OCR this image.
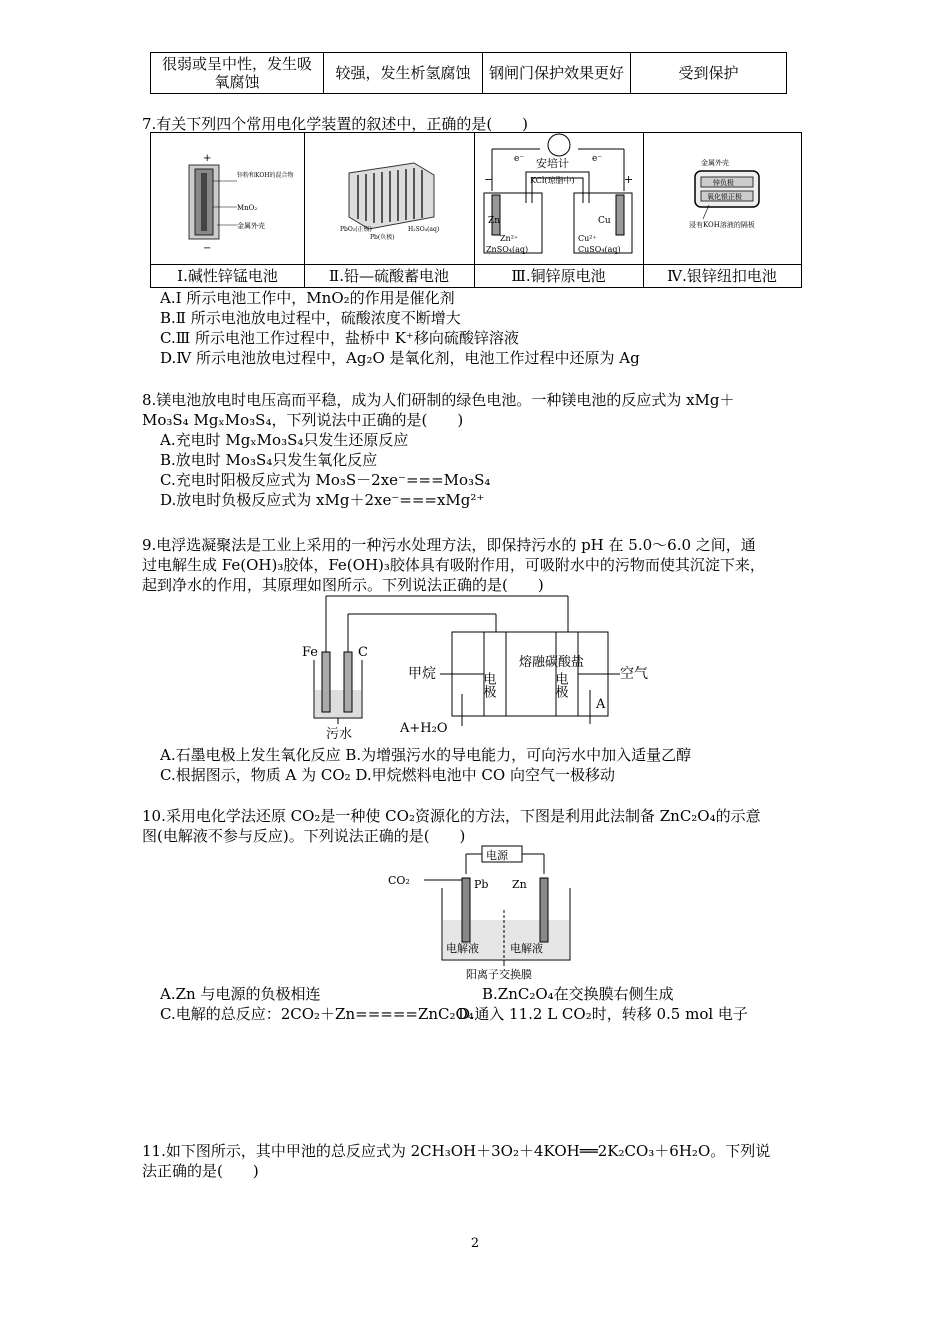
很弱或呈中性，发生吸氧腐蚀	较强，发生析氢腐蚀	钢闸门保护效果更好	受到保护
7.有关下列四个常用电化学装置的叙述中，正确的是(　　)
+
锌粉和KOH的混合物
MnO₂
金属外壳
−
Ⅰ.碱性锌锰电池
PbO₂(正极)
Pb(负极)
H₂SO₄(aq)
Ⅱ.铅—硫酸蓄电池
e⁻ 安培计	e⁻
KCl(琼脂中)
−	+
Zn	Cu
Zn²⁺	Cu²⁺
ZnSO₄(aq)	CuSO₄(aq)
Ⅲ.铜锌原电池
金属外壳
锌负极
氧化银正极
浸有KOH溶液的隔板
Ⅳ.银锌纽扣电池
A.Ⅰ 所示电池工作中，MnO₂的作用是催化剂
B.Ⅱ 所示电池放电过程中，硫酸浓度不断增大
C.Ⅲ 所示电池工作过程中，盐桥中 K⁺移向硫酸锌溶液
D.Ⅳ 所示电池放电过程中，Ag₂O 是氧化剂，电池工作过程中还原为 Ag
8.镁电池放电时电压高而平稳，成为人们研制的绿色电池。一种镁电池的反应式为 xMg＋
Mo₃S₄ MgₓMo₃S₄，下列说法中正确的是(　　)
A.充电时 MgₓMo₃S₄只发生还原反应
B.放电时 Mo₃S₄只发生氧化反应
C.充电时阳极反应式为 Mo₃S－2xe⁻===Mo₃S₄
D.放电时负极反应式为 xMg＋2xe⁻===xMg²⁺
9.电浮选凝聚法是工业上采用的一种污水处理方法，即保持污水的 pH 在 5.0～6.0 之间，通
过电解生成 Fe(OH)₃胶体，Fe(OH)₃胶体具有吸附作用，可吸附水中的污物而使其沉淀下来，
起到净水的作用，其原理如图所示。下列说法正确的是(　　)
Fe	C
污水
甲烷	电极
熔融碳酸盐
电极	空气
A+H₂O
A
A.石墨电极上发生氧化反应 B.为增强污水的导电能力，可向污水中加入适量乙醇
C.根据图示，物质 A 为 CO₂ D.甲烷燃料电池中 CO 向空气一极移动
10.采用电化学法还原 CO₂是一种使 CO₂资源化的方法，下图是利用此法制备 ZnC₂O₄的示意
图(电解液不参与反应)。下列说法正确的是(　　)
电源
CO₂	Pb Zn
电解液	电解液
阳离子交换膜
A.Zn 与电源的负极相连	B.ZnC₂O₄在交换膜右侧生成
C.电解的总反应：2CO₂＋Zn=====ZnC₂O₄
D.通入 11.2 L CO₂时，转移 0.5 mol 电子
11.如下图所示，其中甲池的总反应式为 2CH₃OH＋3O₂＋4KOH══2K₂CO₃＋6H₂O。下列说
法正确的是(　　)
2
